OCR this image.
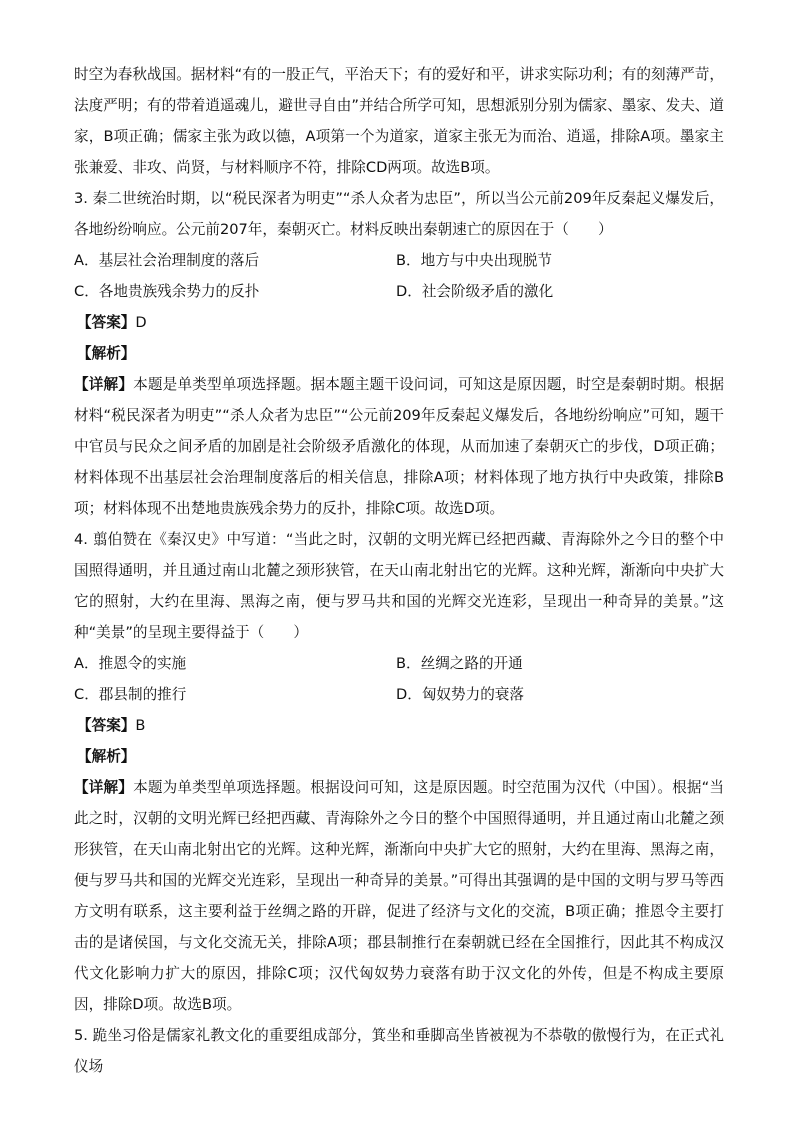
时空为春秋战国。据材料“有的一股正气，平治天下；有的爱好和平，讲求实际功利；有的刻薄严苛，法度严明；有的带着逍遥魂儿，避世寻自由”并结合所学可知，思想派别分别为儒家、墨家、发夫、道家，B项正确；儒家主张为政以德，A项第一个为道家，道家主张无为而治、逍遥，排除A项。墨家主张兼爱、非攻、尚贤，与材料顺序不符，排除CD两项。故选B项。

3. 秦二世统治时期，以“税民深者为明吏”“杀人众者为忠臣”，所以当公元前209年反秦起义爆发后，各地纷纷响应。公元前207年，秦朝灭亡。材料反映出秦朝速亡的原因在于（　　）

A．基层社会治理制度的落后	B．地方与中央出现脱节
C．各地贵族残余势力的反扑	D．社会阶级矛盾的激化

【答案】D

【解析】

【详解】本题是单类型单项选择题。据本题主题干设问词，可知这是原因题，时空是秦朝时期。根据材料“税民深者为明吏”“杀人众者为忠臣”“公元前209年反秦起义爆发后，各地纷纷响应”可知，题干中官员与民众之间矛盾的加剧是社会阶级矛盾激化的体现，从而加速了秦朝灭亡的步伐，D项正确；材料体现不出基层社会治理制度落后的相关信息，排除A项；材料体现了地方执行中央政策，排除B项；材料体现不出楚地贵族残余势力的反扑，排除C项。故选D项。

4. 翦伯赞在《秦汉史》中写道：“当此之时，汉朝的文明光辉已经把西藏、青海除外之今日的整个中国照得通明，并且通过南山北麓之颈形狭管，在天山南北射出它的光辉。这种光辉，渐渐向中央扩大它的照射，大约在里海、黑海之南，便与罗马共和国的光辉交光连彩，呈现出一种奇异的美景。”这种“美景”的呈现主要得益于（　　）

A．推恩令的实施	B．丝绸之路的开通
C．郡县制的推行	D．匈奴势力的衰落

【答案】B

【解析】

【详解】本题为单类型单项选择题。根据设问可知，这是原因题。时空范围为汉代（中国）。根据“当此之时，汉朝的文明光辉已经把西藏、青海除外之今日的整个中国照得通明，并且通过南山北麓之颈形狭管，在天山南北射出它的光辉。这种光辉，渐渐向中央扩大它的照射，大约在里海、黑海之南，便与罗马共和国的光辉交光连彩，呈现出一种奇异的美景。”可得出其强调的是中国的文明与罗马等西方文明有联系，这主要利益于丝绸之路的开辟，促进了经济与文化的交流，B项正确；推恩令主要打击的是诸侯国，与文化交流无关，排除A项；郡县制推行在秦朝就已经在全国推行，因此其不构成汉代文化影响力扩大的原因，排除C项；汉代匈奴势力衰落有助于汉文化的外传，但是不构成主要原因，排除D项。故选B项。

5. 跪坐习俗是儒家礼教文化的重要组成部分，箕坐和垂脚高坐皆被视为不恭敬的傲慢行为，在正式礼仪场
